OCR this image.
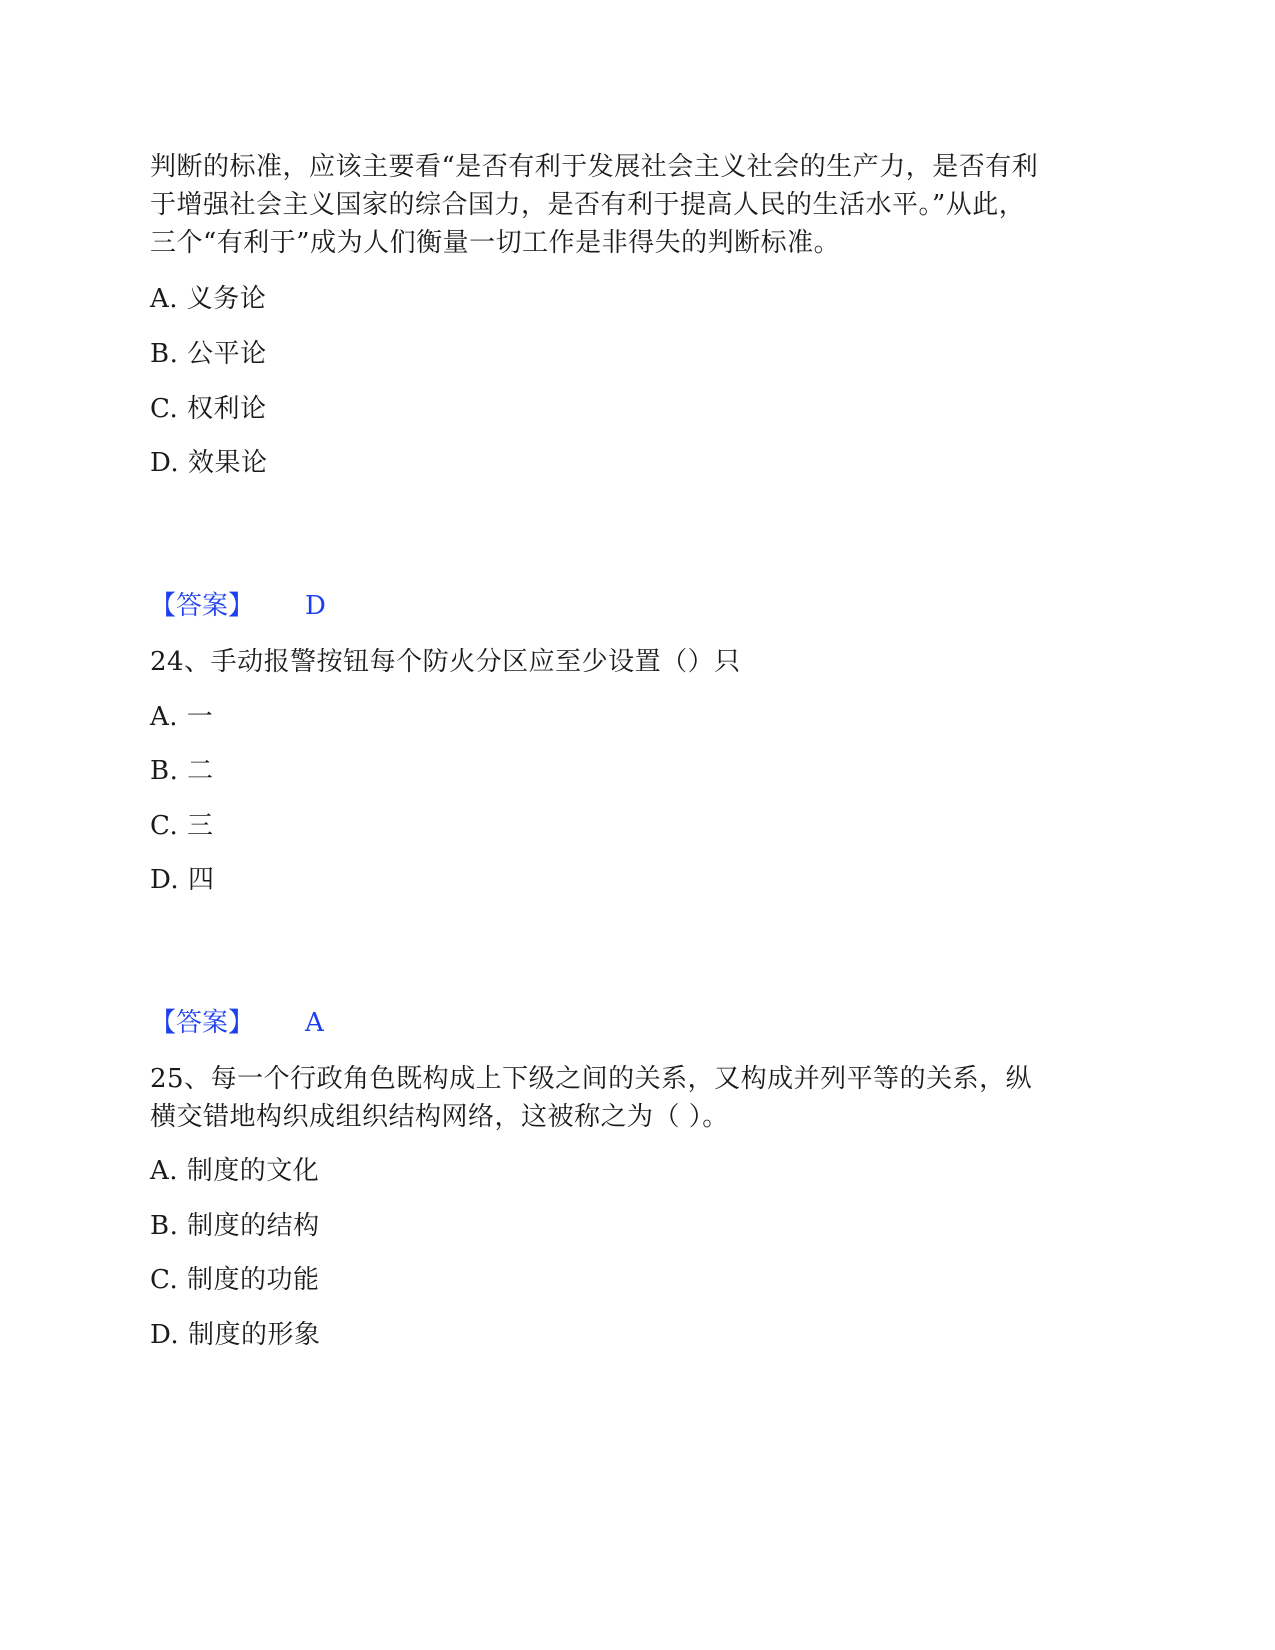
判断的标准，应该主要看“是否有利于发展社会主义社会的生产力，是否有利
于增强社会主义国家的综合国力，是否有利于提高人民的生活水平。”从此，
三个“有利于”成为人们衡量一切工作是非得失的判断标准。
A. 义务论
B. 公平论
C. 权利论
D. 效果论
【答案】 D
24、手动报警按钮每个防火分区应至少设置（）只
A. 一
B. 二
C. 三
D. 四
【答案】 A
25、每一个行政角色既构成上下级之间的关系，又构成并列平等的关系，纵
横交错地构织成组织结构网络，这被称之为（ ）。
A. 制度的文化
B. 制度的结构
C. 制度的功能
D. 制度的形象
